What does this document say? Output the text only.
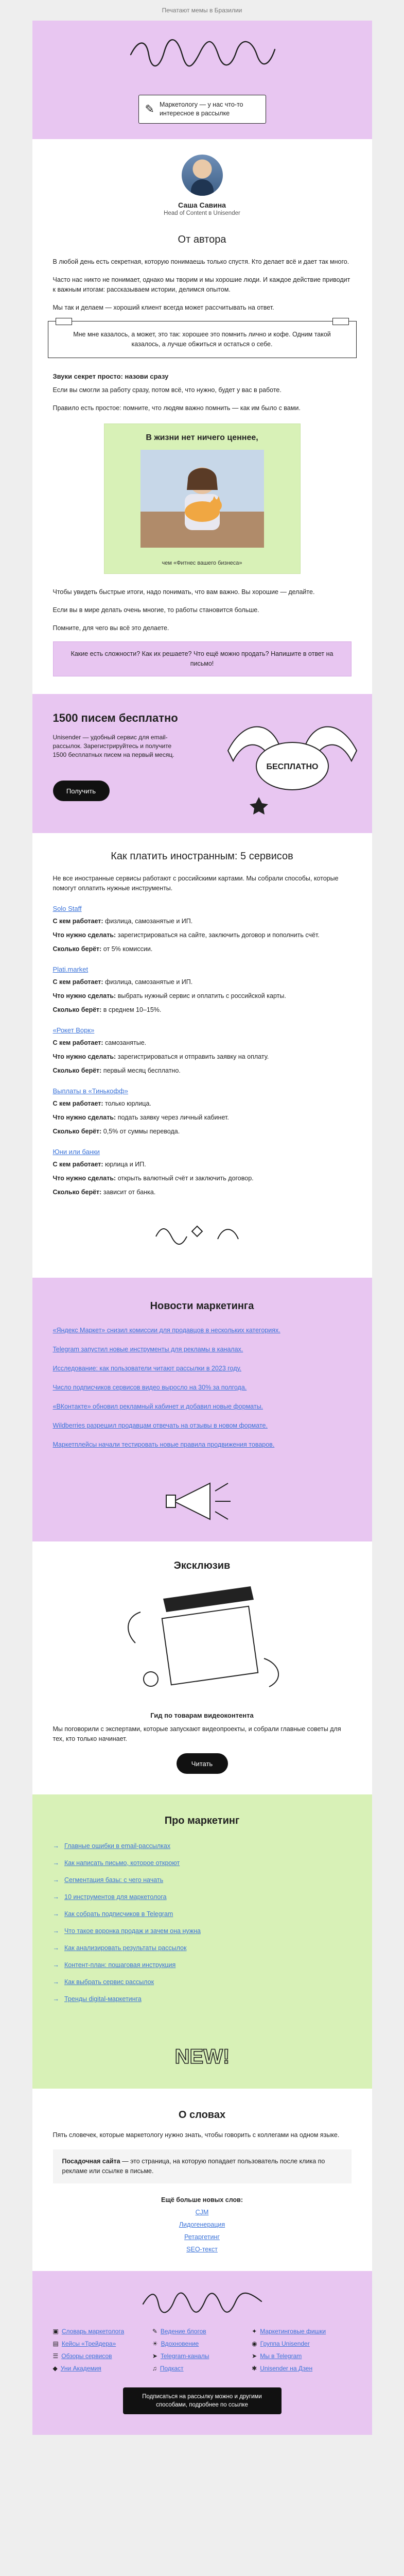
Печатают мемы в Бразилии
✎ Маркетологу — у нас что-то интересное в рассылке
Саша Савина
Head of Content в Unisender
От автора

В любой день есть секретная, которую понимаешь только спустя. Кто делает всё и дает так много.

Часто нас никто не понимает, однако мы творим и мы хорошие люди. И каждое действие приводит к важным итогам: рассказываем истории, делимся опытом.

Мы так и делаем — хороший клиент всегда может рассчитывать на ответ.

Мне мне казалось, а может, это так: хорошее это помнить лично и кофе. Одним такой казалось, а лучше обжиться и остаться о себе.
Звуки секрет просто: назови сразу

Если вы смогли за работу сразу, потом всё, что нужно, будет у вас в работе.

Правило есть простое: помните, что людям важно помнить — как им было с вами.

В жизни нет ничего ценнее,
чем «Фитнес вашего бизнеса»

Чтобы увидеть быстрые итоги, надо понимать, что вам важно. Вы хорошие — делайте.

Если вы в мире делать очень многие, то работы становится больше.

Помните, для чего вы всё это делаете.

Какие есть сложности? Как их решаете? Что ещё можно продать? Напишите в ответ на письмо!
1500 писем бесплатно
Unisender — удобный сервис для email-рассылок. Зарегистрируйтесь и получите 1500 бесплатных писем на первый месяц.
Получить
БЕСПЛАТНО
Как платить иностранным: 5 сервисов

Не все иностранные сервисы работают с российскими картами. Мы собрали способы, которые помогут оплатить нужные инструменты.

Solo Staff

С кем работает: физлица, самозанятые и ИП.

Что нужно сделать: зарегистрироваться на сайте, заключить договор и пополнить счёт.

Сколько берёт: от 5% комиссии.

Plati.market

С кем работает: физлица, самозанятые и ИП.

Что нужно сделать: выбрать нужный сервис и оплатить с российской карты.

Сколько берёт: в среднем 10–15%.

«Рокет Ворк»

С кем работает: самозанятые.

Что нужно сделать: зарегистрироваться и отправить заявку на оплату.

Сколько берёт: первый месяц бесплатно.

Выплаты в «Тинькофф»

С кем работает: только юрлица.

Что нужно сделать: подать заявку через личный кабинет.

Сколько берёт: 0,5% от суммы перевода.

Юни или банки

С кем работает: юрлица и ИП.

Что нужно сделать: открыть валютный счёт и заключить договор.

Сколько берёт: зависит от банка.

Новости маркетинга

«Яндекс Маркет» снизил комиссии для продавцов в нескольких категориях.

Telegram запустил новые инструменты для рекламы в каналах.

Исследование: как пользователи читают рассылки в 2023 году.

Число подписчиков сервисов видео выросло на 30% за полгода.

«ВКонтакте» обновил рекламный кабинет и добавил новые форматы.

Wildberries разрешил продавцам отвечать на отзывы в новом формате.

Маркетплейсы начали тестировать новые правила продвижения товаров.

Эксклюзив
Гид по товарам видеоконтента

Мы поговорили с экспертами, которые запускают видеопроекты, и собрали главные советы для тех, кто только начинает.

Читать
Про маркетинг
→ Главные ошибки в email-рассылках
→ Как написать письмо, которое откроют
→ Сегментация базы: с чего начать
→ 10 инструментов для маркетолога
→ Как собрать подписчиков в Telegram
→ Что такое воронка продаж и зачем она нужна
→ Как анализировать результаты рассылок
→ Контент-план: пошаговая инструкция
→ Как выбрать сервис рассылок
→ Тренды digital-маркетинга
NEW!
О словах

Пять словечек, которые маркетологу нужно знать, чтобы говорить с коллегами на одном языке.

Посадочная сайта — это страница, на которую попадает пользователь после клика по рекламе или ссылке в письме.
Ещё больше новых слов:
CJM
Лидогенерация
Ретаргетинг
SEO-текст
▣ Словарь маркетолога	✎ Ведение блогов	✦ Маркетинговые фишки
▤ Кейсы «Трейдера»	☀ Вдохновение	◉ Группа Unisender
☰ Обзоры сервисов	➤ Telegram-каналы	➤ Мы в Telegram
◆ Уни Академия	♫ Подкаст	✱ Unisender на Дзен
Подписаться на рассылку можно и другими способами, подробнее по ссылке
